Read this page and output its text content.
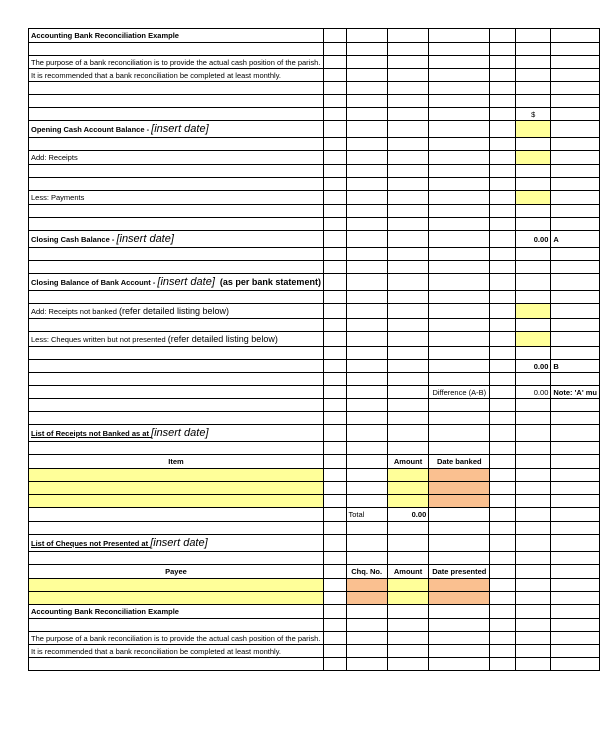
Accounting Bank Reconciliation Example							

The purpose of a bank reconciliation is to provide the actual cash position of the parish.							
It is recommended that a bank reconciliation be completed at least monthly.							

						$	
Opening Cash Account Balance - [insert date]							

Add: Receipts							

Less: Payments							

Closing Cash Balance - [insert date]						0.00	A

Closing Balance of Bank Account - [insert date] (as per bank statement)							

Add: Receipts not banked (refer detailed listing below)							

Less: Cheques written but not presented (refer detailed listing below)							

						0.00	B

				Difference (A-B)		0.00	Note: 'A' mu

List of Receipts not Banked as at [insert date]							

Item			Amount	Date banked			

		Total	0.00				

List of Cheques not Presented at [insert date]							

Payee		Chq. No.	Amount	Date presented			

Accounting Bank Reconciliation Example							

The purpose of a bank reconciliation is to provide the actual cash position of the parish.							
It is recommended that a bank reconciliation be completed at least monthly.							
